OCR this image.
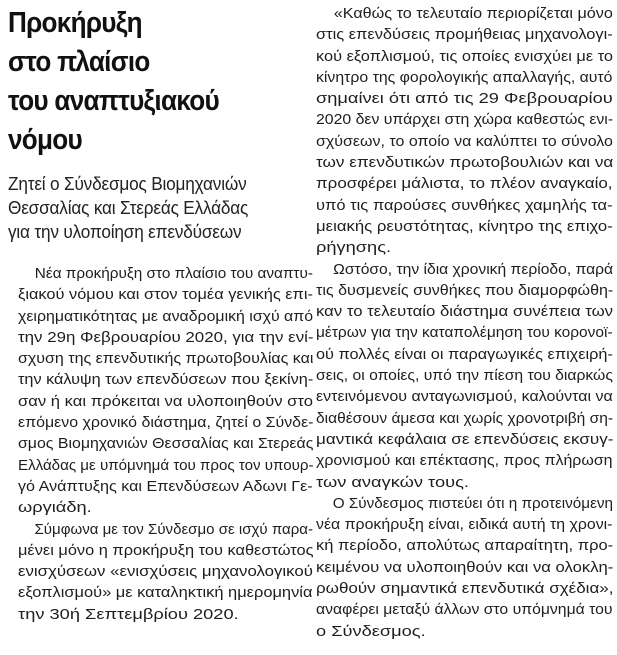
Προκήρυξη
στο πλαίσιο
του αναπτυξιακού
νόμου
Ζητεί ο Σύνδεσμος Βιομηχανιών
Θεσσαλίας και Στερεάς Ελλάδας
για την υλοποίηση επενδύσεων
Νέα προκήρυξη στο πλαίσιο του αναπτυ-
ξιακού νόμου και στον τομέα γενικής επι-
χειρηματικότητας με αναδρομική ισχύ από
την 29η Φεβρουαρίου 2020, για την ενί-
σχυση της επενδυτικής πρωτοβουλίας και
την κάλυψη των επενδύσεων που ξεκίνη-
σαν ή και πρόκειται να υλοποιηθούν στο
επόμενο χρονικό διάστημα, ζητεί ο Σύνδε-
σμος Βιομηχανιών Θεσσαλίας και Στερεάς
Ελλάδας με υπόμνημά του προς τον υπουρ-
γό Ανάπτυξης και Επενδύσεων Αδωνι Γε-
ωργιάδη.
Σύμφωνα με τον Σύνδεσμο σε ισχύ παρα-
μένει μόνο η προκήρυξη του καθεστώτος
ενισχύσεων «ενισχύσεις μηχανολογικού
εξοπλισμού» με καταληκτική ημερομηνία
την 30ή Σεπτεμβρίου 2020.
«Καθώς το τελευταίο περιορίζεται μόνο
στις επενδύσεις προμήθειας μηχανολογι-
κού εξοπλισμού, τις οποίες ενισχύει με το
κίνητρο της φορολογικής απαλλαγής, αυτό
σημαίνει ότι από τις 29 Φεβρουαρίου
2020 δεν υπάρχει στη χώρα καθεστώς ενι-
σχύσεων, το οποίο να καλύπτει το σύνολο
των επενδυτικών πρωτοβουλιών και να
προσφέρει μάλιστα, το πλέον αναγκαίο,
υπό τις παρούσες συνθήκες χαμηλής τα-
μειακής ρευστότητας, κίνητρο της επιχο-
ρήγησης.
Ωστόσο, την ίδια χρονική περίοδο, παρά
τις δυσμενείς συνθήκες που διαμορφώθη-
καν το τελευταίο διάστημα συνέπεια των
μέτρων για την καταπολέμηση του κορονοϊ-
ού πολλές είναι οι παραγωγικές επιχειρή-
σεις, οι οποίες, υπό την πίεση του διαρκώς
εντεινόμενου ανταγωνισμού, καλούνται να
διαθέσουν άμεσα και χωρίς χρονοτριβή ση-
μαντικά κεφάλαια σε επενδύσεις εκσυγ-
χρονισμού και επέκτασης, προς πλήρωση
των αναγκών τους.
Ο Σύνδεσμος πιστεύει ότι η προτεινόμενη
νέα προκήρυξη είναι, ειδικά αυτή τη χρονι-
κή περίοδο, απολύτως απαραίτητη, προ-
κειμένου να υλοποιηθούν και να ολοκλη-
ρωθούν σημαντικά επενδυτικά σχέδια»,
αναφέρει μεταξύ άλλων στο υπόμνημά του
ο Σύνδεσμος.
